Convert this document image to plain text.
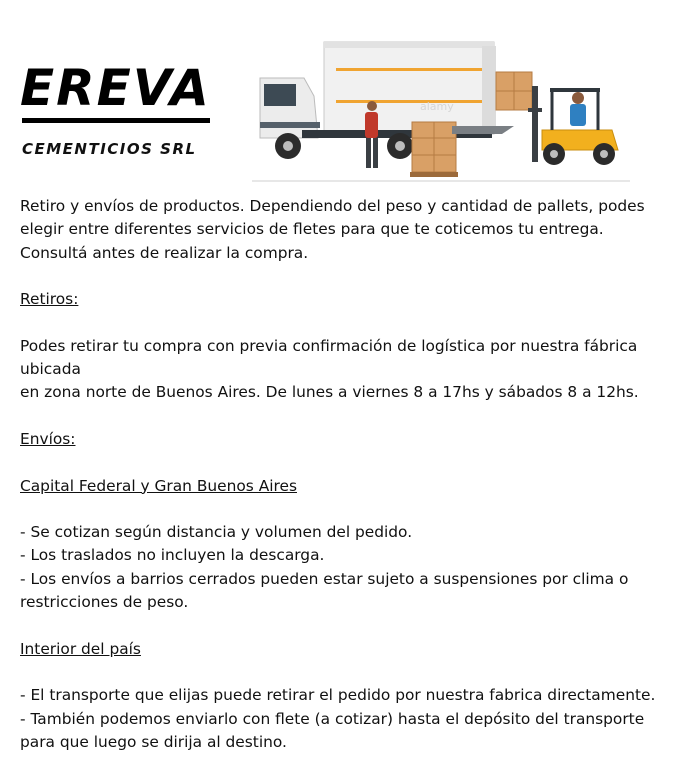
EREVA
CEMENTICIOS SRL
alamy

Retiro y envíos de productos. Dependiendo del peso y cantidad de pallets, podes

elegir entre diferentes servicios de fletes para que te coticemos tu entrega.

Consultá antes de realizar la compra.

Retiros:

Podes retirar tu compra con previa confirmación de logística por nuestra fábrica

ubicada

en zona norte de Buenos Aires. De lunes a viernes 8 a 17hs y sábados 8 a 12hs.

Envíos:

Capital Federal y Gran Buenos Aires

- Se cotizan según distancia y volumen del pedido.

- Los traslados no incluyen la descarga.

- Los envíos a barrios cerrados pueden estar sujeto a suspensiones por clima o

restricciones de peso.

Interior del país

- El transporte que elijas puede retirar el pedido por nuestra fabrica directamente.

- También podemos enviarlo con flete (a cotizar) hasta el depósito del transporte

para que luego se dirija al destino.
